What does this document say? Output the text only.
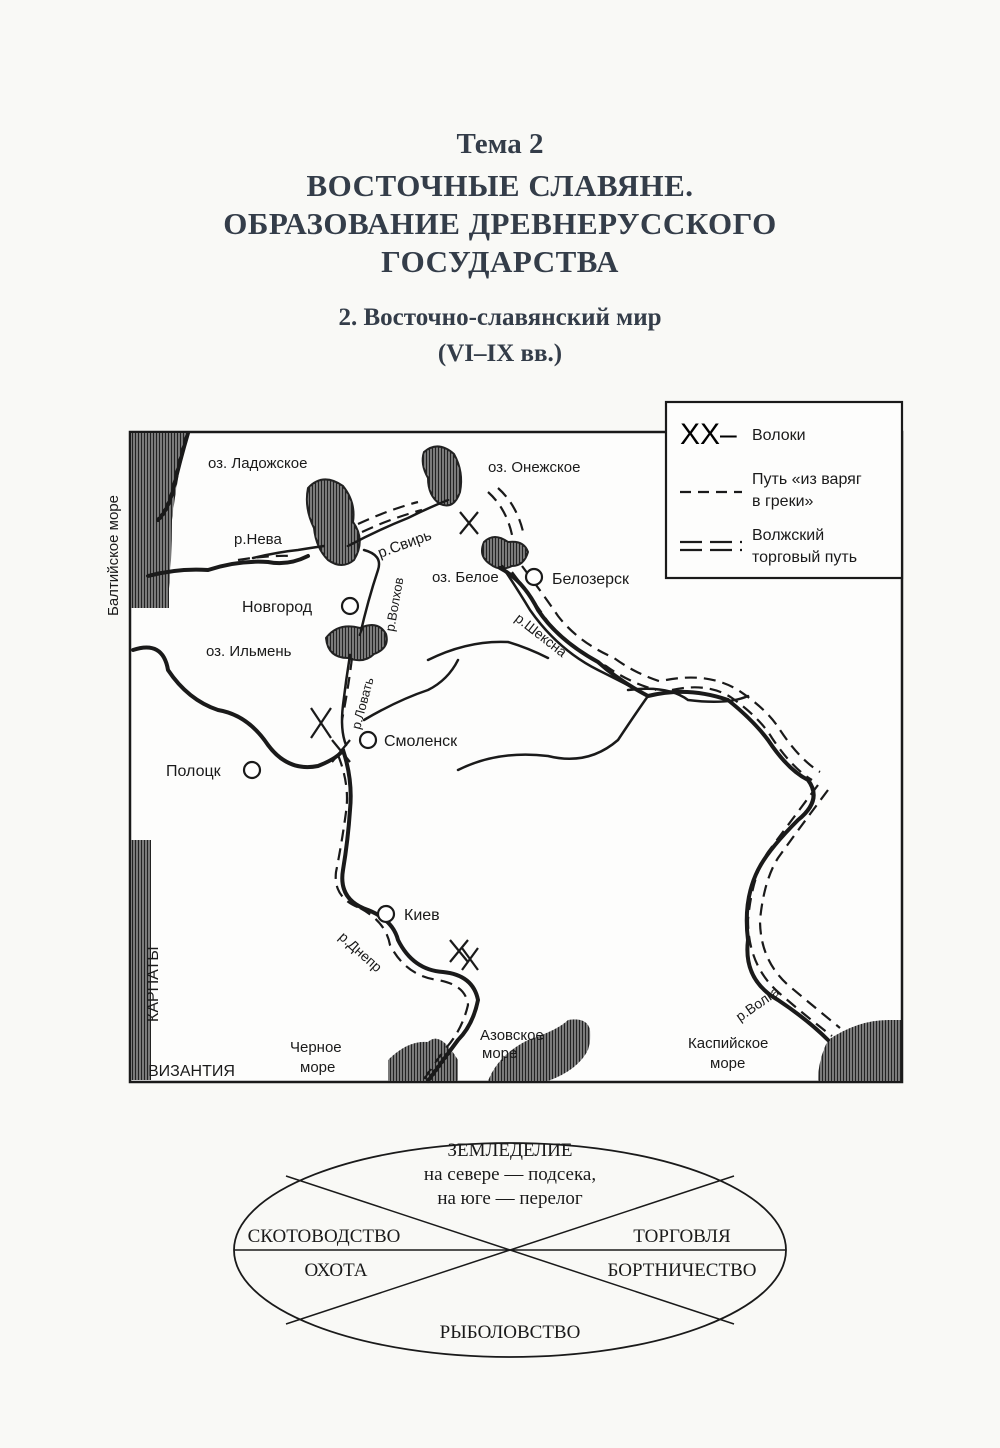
Тема 2
ВОСТОЧНЫЕ СЛАВЯНЕ.
ОБРАЗОВАНИЕ ДРЕВНЕРУССКОГО
ГОСУДАРСТВА
2. Восточно-славянский мир
(VI–IX вв.)
XX– Волоки
Путь «из варяг
в греки»
Волжский
торговый путь
Балтийское море
оз. Ладожское	оз. Онежское
оз. Белое
оз. Ильмень
р.Нева	р.Свирь
р.Волхов
р.Ловать
р.Шексна
р.Днепр
р.Волга
Новгород
Белозерск
Смоленск
Полоцк
Киев
КАРПАТЫ
ВИЗАНТИЯ
Черное
море
Азовское
море
Каспийское
море
ЗЕМЛЕДЕЛИЕ
на севере — подсека,
на юге — перелог
СКОТОВОДСТВО
ОХОТА
ТОРГОВЛЯ
БОРТНИЧЕСТВО
РЫБОЛОВСТВО
